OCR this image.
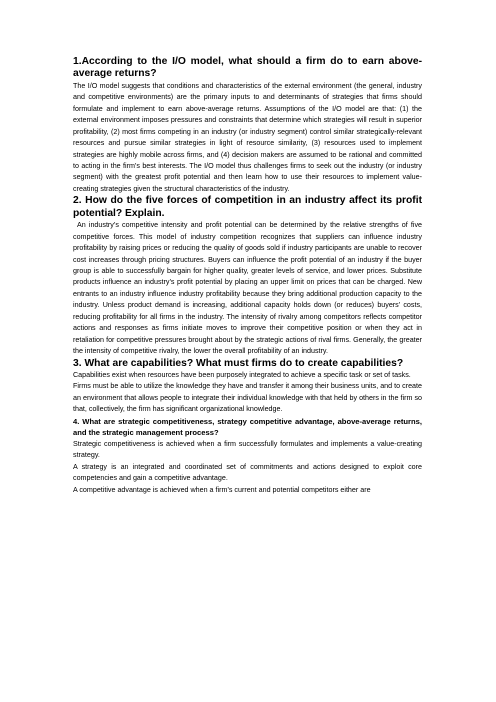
1.According to the I/O model, what should a firm do to earn above-average returns?

The I/O model suggests that conditions and characteristics of the external environment (the general, industry and competitive environments) are the primary inputs to and determinants of strategies that firms should formulate and implement to earn above-average returns. Assumptions of the I/O model are that: (1) the external environment imposes pressures and constraints that determine which strategies will result in superior profitability, (2) most firms competing in an industry (or industry segment) control similar strategically-relevant resources and pursue similar strategies in light of resource similarity, (3) resources used to implement strategies are highly mobile across firms, and (4) decision makers are assumed to be rational and committed to acting in the firm’s best interests. The I/O model thus challenges firms to seek out the industry (or industry segment) with the greatest profit potential and then learn how to use their resources to implement value-creating strategies given the structural characteristics of the industry.

2. How do the five forces of competition in an industry affect its profit potential? Explain.

An industry’s competitive intensity and profit potential can be determined by the relative strengths of five competitive forces. This model of industry competition recognizes that suppliers can influence industry profitability by raising prices or reducing the quality of goods sold if industry participants are unable to recover cost increases through pricing structures. Buyers can influence the profit potential of an industry if the buyer group is able to successfully bargain for higher quality, greater levels of service, and lower prices. Substitute products influence an industry’s profit potential by placing an upper limit on prices that can be charged. New entrants to an industry influence industry profitability because they bring additional production capacity to the industry. Unless product demand is increasing, additional capacity holds down (or reduces) buyers’ costs, reducing profitability for all firms in the industry. The intensity of rivalry among competitors reflects competitor actions and responses as firms initiate moves to improve their competitive position or when they act in retaliation for competitive pressures brought about by the strategic actions of rival firms. Generally, the greater the intensity of competitive rivalry, the lower the overall profitability of an industry.

3. What are capabilities? What must firms do to create capabilities?

Capabilities exist when resources have been purposely integrated to achieve a specific task or set of tasks.

Firms must be able to utilize the knowledge they have and transfer it among their business units, and to create an environment that allows people to integrate their individual knowledge with that held by others in the firm so that, collectively, the firm has significant organizational knowledge.

4. What are strategic competitiveness, strategy competitive advantage, above-average returns, and the strategic management process?

Strategic competitiveness is achieved when a firm successfully formulates and implements a value-creating strategy.

A strategy is an integrated and coordinated set of commitments and actions designed to exploit core competencies and gain a competitive advantage.

A competitive advantage is achieved when a firm’s current and potential competitors either are
